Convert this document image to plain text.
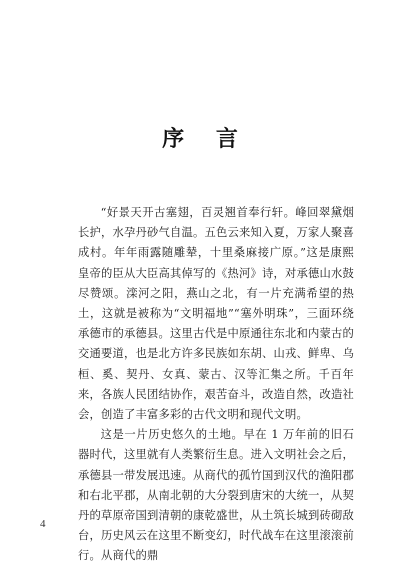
序 言

“好景天开古塞翅，百灵翘首奉行轩。峰回翠黛烟长护，水孕丹砂气自温。五色云来知入夏，万家人聚喜成村。年年雨露随雕辇，十里桑麻接广原。”这是康熙皇帝的臣从大臣高其倬写的《热河》诗，对承德山水鼓尽赞颂。滦河之阳，燕山之北，有一片充满希望的热土，这就是被称为“文明福地”“塞外明珠”，三面环绕承德市的承德县。这里古代是中原通往东北和内蒙古的交通要道，也是北方许多民族如东胡、山戎、鲜卑、乌桓、奚、契丹、女真、蒙古、汉等汇集之所。千百年来，各族人民团结协作，艰苦奋斗，改造自然，改造社会，创造了丰富多彩的古代文明和现代文明。

这是一片历史悠久的土地。早在 1 万年前的旧石器时代，这里就有人类繁衍生息。进入文明社会之后，承德县一带发展迅速。从商代的孤竹国到汉代的渔阳郡和右北平郡，从南北朝的大分裂到唐宋的大统一，从契丹的草原帝国到清朝的康乾盛世，从土筑长城到砖砌敌台，历史风云在这里不断变幻，时代战车在这里滚滚前行。从商代的鼎

4
